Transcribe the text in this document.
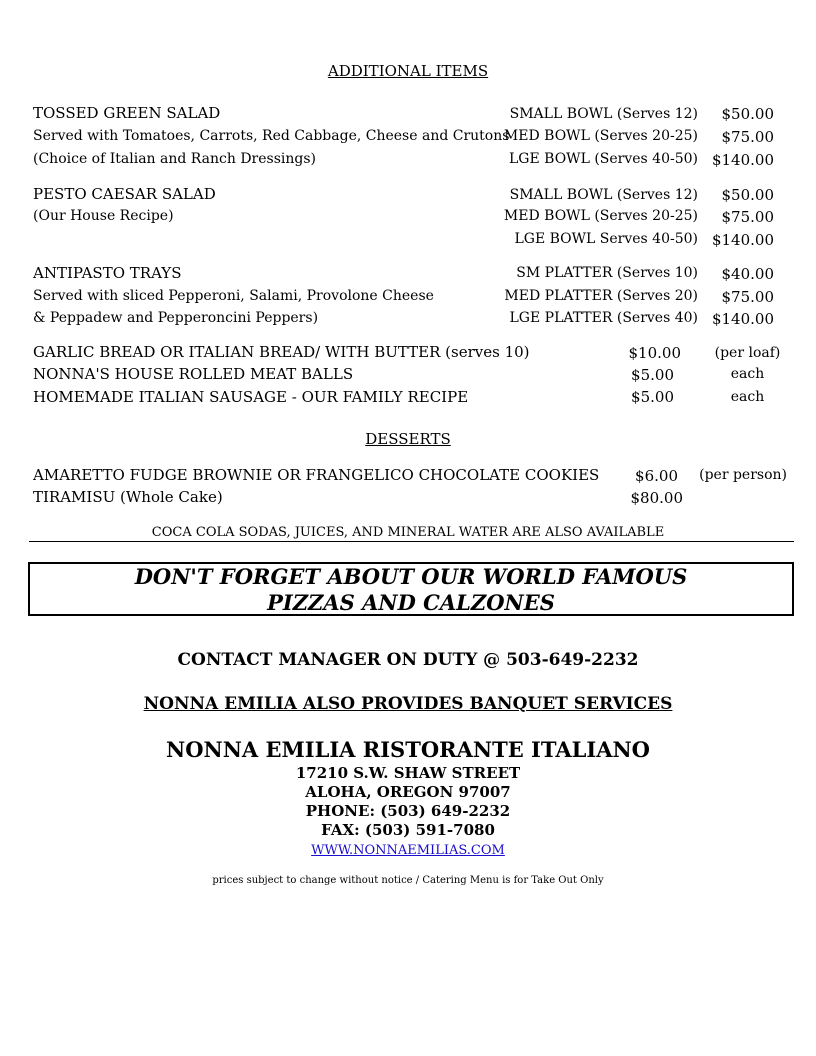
ADDITIONAL ITEMS
TOSSED GREEN SALAD
Served with Tomatoes, Carrots, Red Cabbage, Cheese and Crutons
(Choice of Italian and Ranch Dressings)
SMALL BOWL (Serves 12)
MED BOWL (Serves 20-25)
LGE BOWL (Serves 40-50)
$50.00
$75.00
$140.00
PESTO CAESAR SALAD
(Our House Recipe)
SMALL BOWL (Serves 12)
MED BOWL (Serves 20-25)
LGE BOWL Serves 40-50)
$50.00
$75.00
$140.00
ANTIPASTO TRAYS
Served with sliced Pepperoni, Salami, Provolone Cheese
& Peppadew and Pepperoncini Peppers)
SM PLATTER (Serves 10)
MED PLATTER (Serves 20)
LGE PLATTER (Serves 40)
$40.00
$75.00
$140.00
GARLIC BREAD OR ITALIAN BREAD/ WITH BUTTER (serves 10)
NONNA'S HOUSE ROLLED MEAT BALLS
HOMEMADE ITALIAN SAUSAGE - OUR FAMILY RECIPE
$10.00
$5.00
$5.00
(per loaf)
each
each
DESSERTS
AMARETTO FUDGE BROWNIE OR FRANGELICO CHOCOLATE COOKIES
TIRAMISU (Whole Cake)
$6.00
$80.00
(per person)
COCA COLA SODAS, JUICES, AND MINERAL WATER ARE ALSO AVAILABLE
DON'T FORGET ABOUT OUR WORLD FAMOUS
PIZZAS AND CALZONES
CONTACT MANAGER ON DUTY @ 503-649-2232
NONNA EMILIA ALSO PROVIDES BANQUET SERVICES
NONNA EMILIA RISTORANTE ITALIANO
17210 S.W. SHAW STREET
ALOHA, OREGON 97007
PHONE: (503) 649-2232
FAX: (503) 591-7080
WWW.NONNAEMILIAS.COM
prices subject to change without notice / Catering Menu is for Take Out Only
